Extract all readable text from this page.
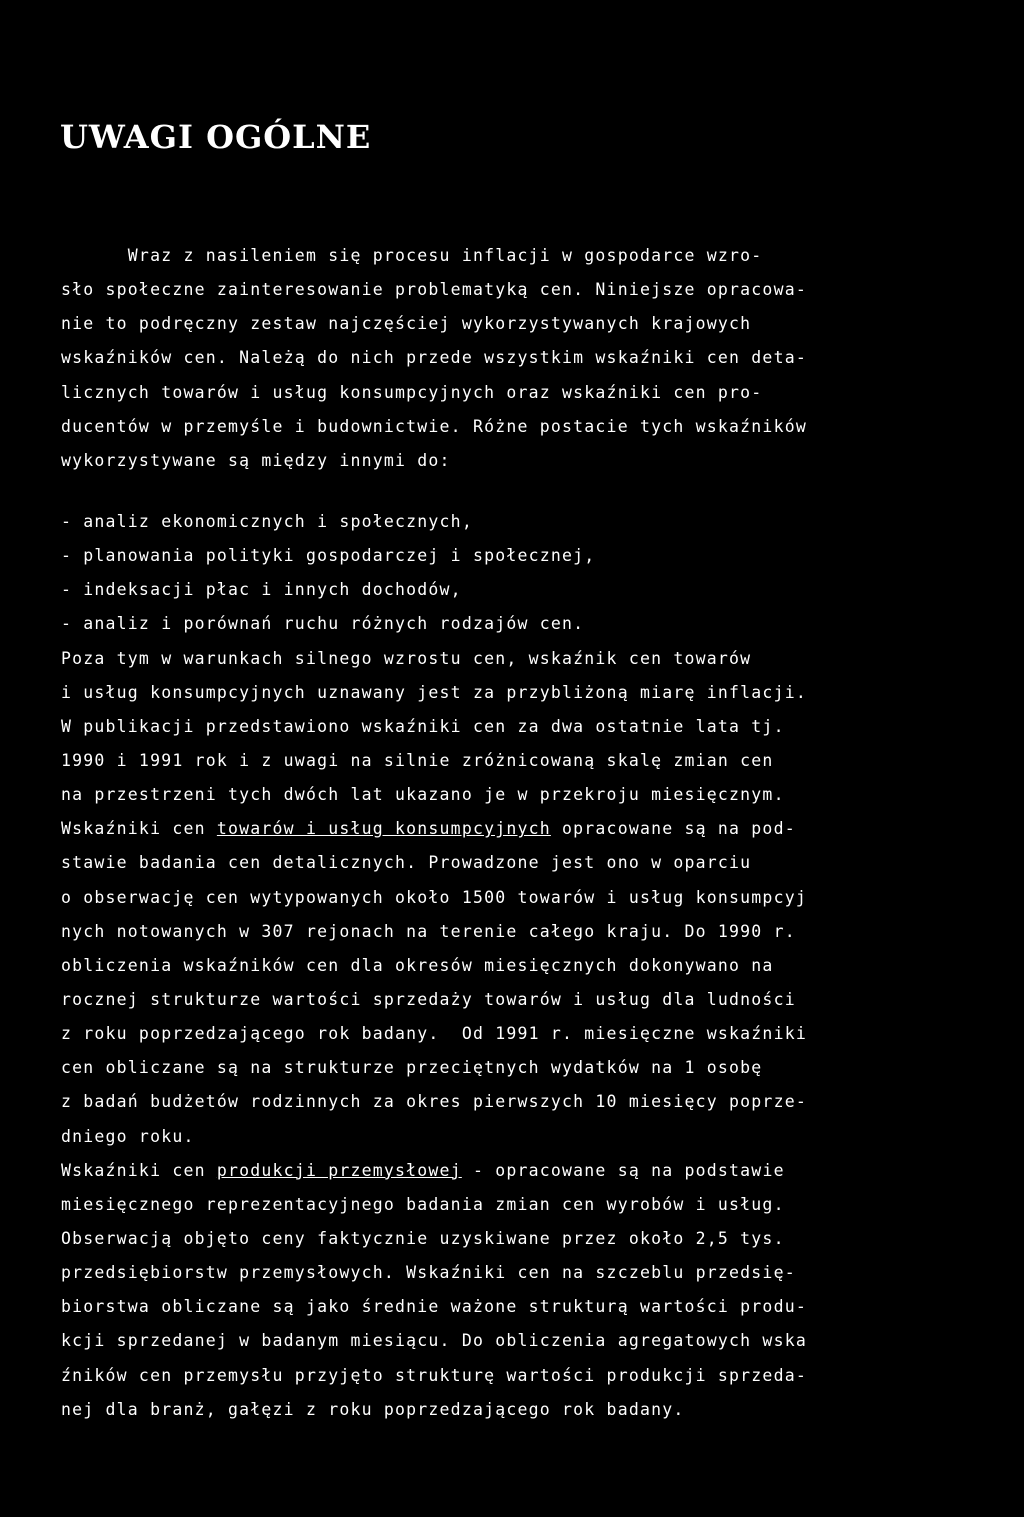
UWAGI OGÓLNE
Wraz z nasileniem się procesu inflacji w gospodarce wzro-
sło społeczne zainteresowanie problematyką cen. Niniejsze opracowa-
nie to podręczny zestaw najczęściej wykorzystywanych krajowych
wskaźników cen. Należą do nich przede wszystkim wskaźniki cen deta-
licznych towarów i usług konsumpcyjnych oraz wskaźniki cen pro-
ducentów w przemyśle i budownictwie. Różne postacie tych wskaźników
wykorzystywane są między innymi do:
- analiz ekonomicznych i społecznych,
- planowania polityki gospodarczej i społecznej,
- indeksacji płac i innych dochodów,
- analiz i porównań ruchu różnych rodzajów cen.
Poza tym w warunkach silnego wzrostu cen, wskaźnik cen towarów
i usług konsumpcyjnych uznawany jest za przybliżoną miarę inflacji.
W publikacji przedstawiono wskaźniki cen za dwa ostatnie lata tj.
1990 i 1991 rok i z uwagi na silnie zróżnicowaną skalę zmian cen
na przestrzeni tych dwóch lat ukazano je w przekroju miesięcznym.
Wskaźniki cen towarów i usług konsumpcyjnych opracowane są na pod-
stawie badania cen detalicznych. Prowadzone jest ono w oparciu
o obserwację cen wytypowanych około 1500 towarów i usług konsumpcyj
nych notowanych w 307 rejonach na terenie całego kraju. Do 1990 r.
obliczenia wskaźników cen dla okresów miesięcznych dokonywano na
rocznej strukturze wartości sprzedaży towarów i usług dla ludności
z roku poprzedzającego rok badany.  Od 1991 r. miesięczne wskaźniki
cen obliczane są na strukturze przeciętnych wydatków na 1 osobę
z badań budżetów rodzinnych za okres pierwszych 10 miesięcy poprze-
dniego roku.
Wskaźniki cen produkcji przemysłowej - opracowane są na podstawie
miesięcznego reprezentacyjnego badania zmian cen wyrobów i usług.
Obserwacją objęto ceny faktycznie uzyskiwane przez około 2,5 tys.
przedsiębiorstw przemysłowych. Wskaźniki cen na szczeblu przedsię-
biorstwa obliczane są jako średnie ważone strukturą wartości produ-
kcji sprzedanej w badanym miesiącu. Do obliczenia agregatowych wska
źników cen przemysłu przyjęto strukturę wartości produkcji sprzeda-
nej dla branż, gałęzi z roku poprzedzającego rok badany.
